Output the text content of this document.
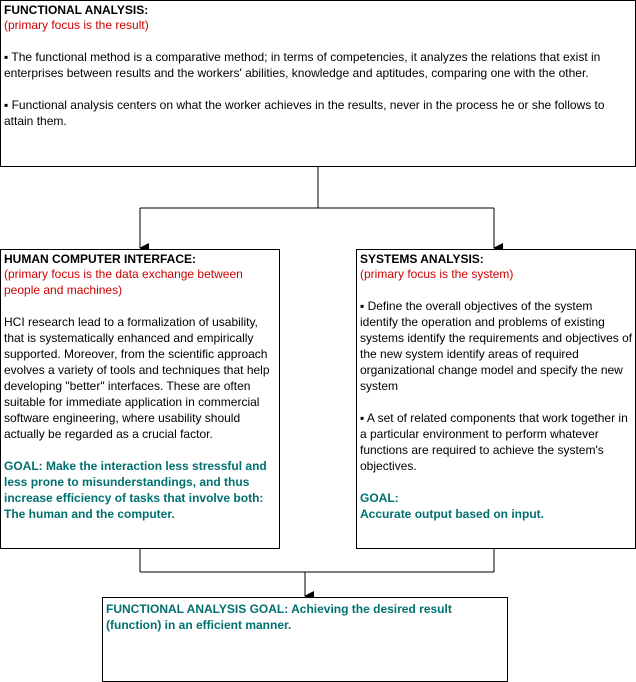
FUNCTIONAL ANALYSIS:

(primary focus is the result)

▪ The functional method is a comparative method; in terms of competencies, it analyzes the relations that exist in enterprises between results and the workers' abilities, knowledge and aptitudes, comparing one with the other.

▪ Functional analysis centers on what the worker achieves in the results, never in the process he or she follows to attain them.

HUMAN COMPUTER INTERFACE:

(primary focus is the data exchange between people and machines)

HCI research lead to a formalization of usability, that is systematically enhanced and empirically supported. Moreover, from the scientific approach evolves a variety of tools and techniques that help developing "better" interfaces. These are often suitable for immediate application in commercial software engineering, where usability should actually be regarded as a crucial factor.

GOAL: Make the interaction less stressful and less prone to misunderstandings, and thus increase efficiency of tasks that involve both: The human and the computer.

SYSTEMS ANALYSIS:

(primary focus is the system)

▪ Define the overall objectives of the system identify the operation and problems of existing systems identify the requirements and objectives of the new system identify areas of required organizational change model and specify the new system

▪ A set of related components that work together in a particular environment to perform whatever functions are required to achieve the system's objectives.

GOAL:

Accurate output based on input.

FUNCTIONAL ANALYSIS GOAL: Achieving the desired result (function) in an efficient manner.
